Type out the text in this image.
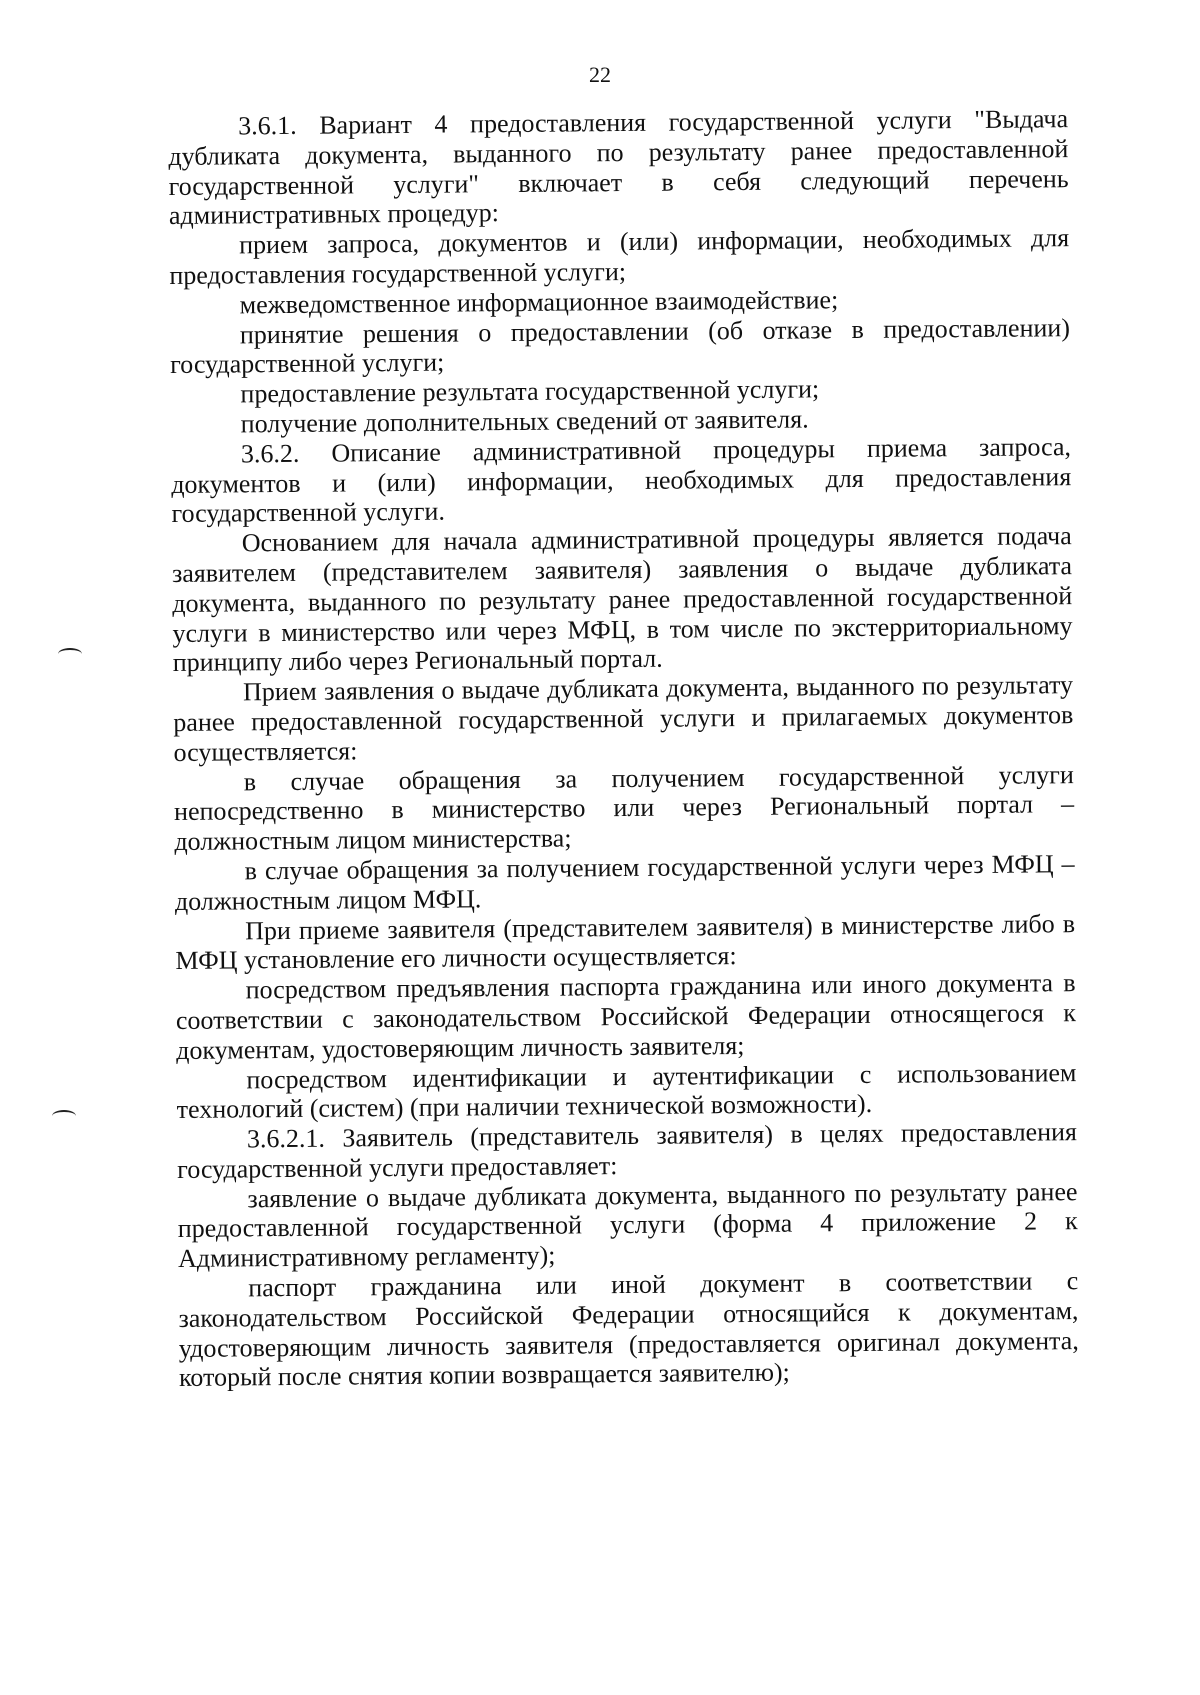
22

3.6.1. Вариант 4 предоставления государственной услуги "Выдача дубликата документа, выданного по результату ранее предоставленной государственной услуги" включает в себя следующий перечень административных процедур:

прием запроса, документов и (или) информации, необходимых для предоставления государственной услуги;

межведомственное информационное взаимодействие;

принятие решения о предоставлении (об отказе в предоставлении) государственной услуги;

предоставление результата государственной услуги;

получение дополнительных сведений от заявителя.

3.6.2. Описание административной процедуры приема запроса, документов и (или) информации, необходимых для предоставления государственной услуги.

Основанием для начала административной процедуры является подача заявителем (представителем заявителя) заявления о выдаче дубликата документа, выданного по результату ранее предоставленной государственной услуги в министерство или через МФЦ, в том числе по экстерриториальному принципу либо через Региональный портал.

Прием заявления о выдаче дубликата документа, выданного по результату ранее предоставленной государственной услуги и прилагаемых документов осуществляется:

в случае обращения за получением государственной услуги непосредственно в министерство или через Региональный портал – должностным лицом министерства;

в случае обращения за получением государственной услуги через МФЦ – должностным лицом МФЦ.

При приеме заявителя (представителем заявителя) в министерстве либо в МФЦ установление его личности осуществляется:

посредством предъявления паспорта гражданина или иного документа в соответствии с законодательством Российской Федерации относящегося к документам, удостоверяющим личность заявителя;

посредством идентификации и аутентификации с использованием технологий (систем) (при наличии технической возможности).

3.6.2.1. Заявитель (представитель заявителя) в целях предоставления государственной услуги предоставляет:

заявление о выдаче дубликата документа, выданного по результату ранее предоставленной государственной услуги (форма 4 приложение 2 к Административному регламенту);

паспорт гражданина или иной документ в соответствии с законодательством Российской Федерации относящийся к документам, удостоверяющим личность заявителя (предоставляется оригинал документа, который после снятия копии возвращается заявителю);
